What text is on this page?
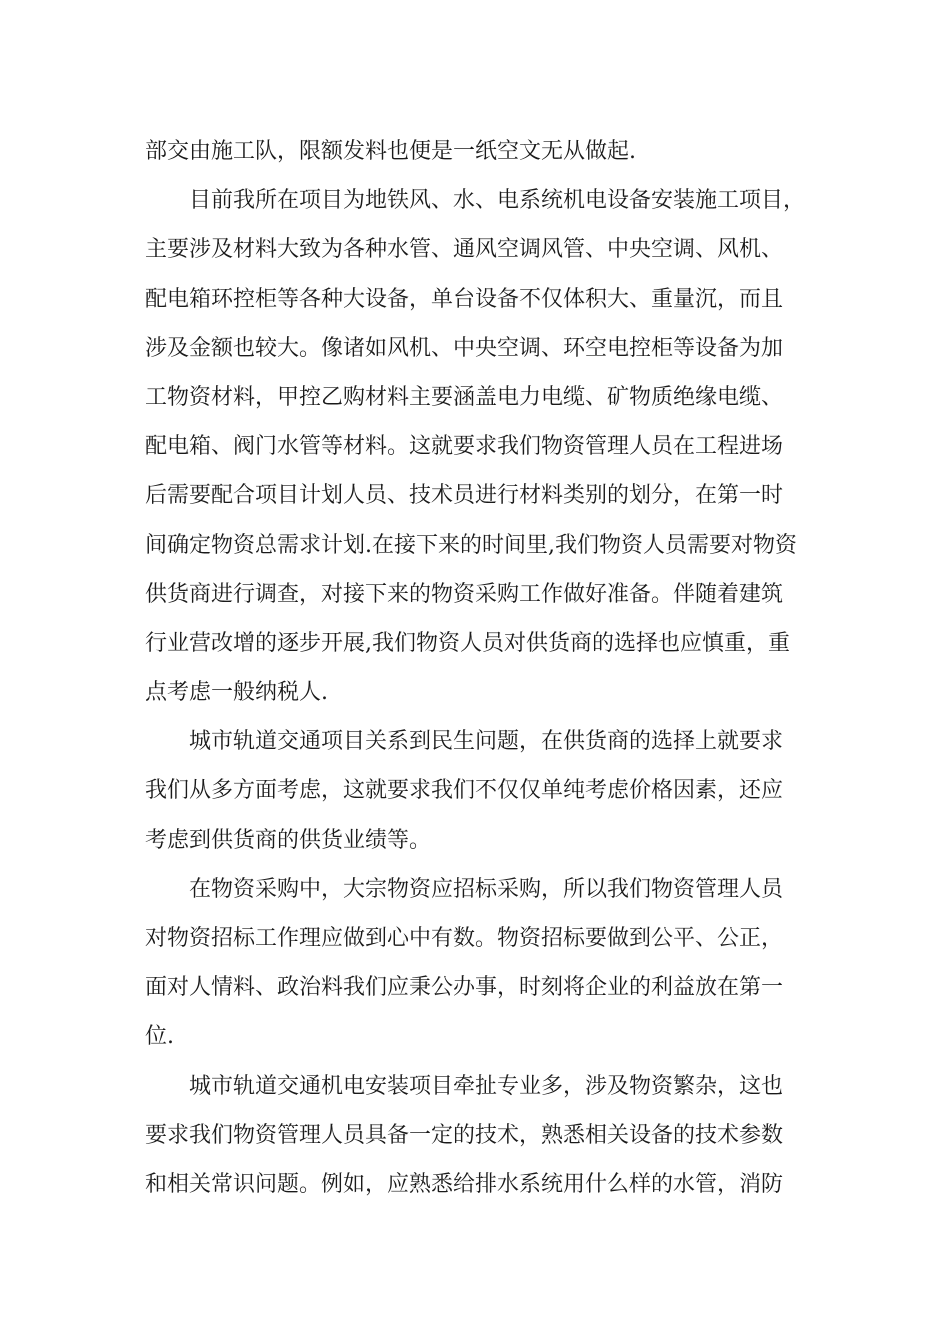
部交由施工队，限额发料也便是一纸空文无从做起.
目前我所在项目为地铁风、水、电系统机电设备安装施工项目，
主要涉及材料大致为各种水管、通风空调风管、中央空调、风机、
配电箱环控柜等各种大设备，单台设备不仅体积大、重量沉，而且
涉及金额也较大。像诸如风机、中央空调、环空电控柜等设备为加
工物资材料，甲控乙购材料主要涵盖电力电缆、矿物质绝缘电缆、
配电箱、阀门水管等材料。这就要求我们物资管理人员在工程进场
后需要配合项目计划人员、技术员进行材料类别的划分，在第一时
间确定物资总需求计划.在接下来的时间里,我们物资人员需要对物资
供货商进行调查，对接下来的物资采购工作做好准备。伴随着建筑
行业营改增的逐步开展,我们物资人员对供货商的选择也应慎重，重
点考虑一般纳税人.
城市轨道交通项目关系到民生问题，在供货商的选择上就要求
我们从多方面考虑，这就要求我们不仅仅单纯考虑价格因素，还应
考虑到供货商的供货业绩等。
在物资采购中，大宗物资应招标采购，所以我们物资管理人员
对物资招标工作理应做到心中有数。物资招标要做到公平、公正，
面对人情料、政治料我们应秉公办事，时刻将企业的利益放在第一
位.
城市轨道交通机电安装项目牵扯专业多，涉及物资繁杂，这也
要求我们物资管理人员具备一定的技术，熟悉相关设备的技术参数
和相关常识问题。例如，应熟悉给排水系统用什么样的水管，消防
